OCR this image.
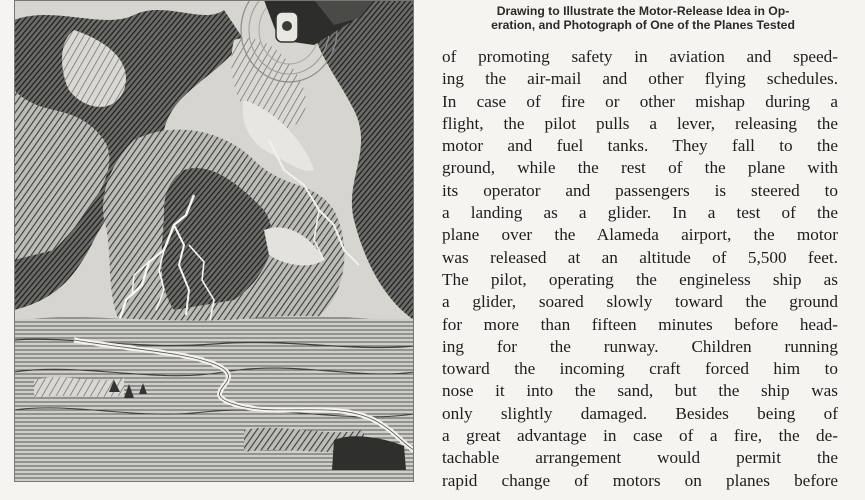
Drawing to Illustrate the Motor-Release Idea in Op-
eration, and Photograph of One of the Planes Tested
of promoting safety in aviation and speed-
ing the air-mail and other flying schedules.
In case of fire or other mishap during a
flight, the pilot pulls a lever, releasing the
motor and fuel tanks. They fall to the
ground, while the rest of the plane with
its operator and passengers is steered to
a landing as a glider. In a test of the
plane over the Alameda airport, the motor
was released at an altitude of 5,500 feet.
The pilot, operating the engineless ship as
a glider, soared slowly toward the ground
for more than fifteen minutes before head-
ing for the runway. Children running
toward the incoming craft forced him to
nose it into the sand, but the ship was
only slightly damaged. Besides being of
a great advantage in case of a fire, the de-
tachable arrangement would permit the
rapid change of motors on planes before
